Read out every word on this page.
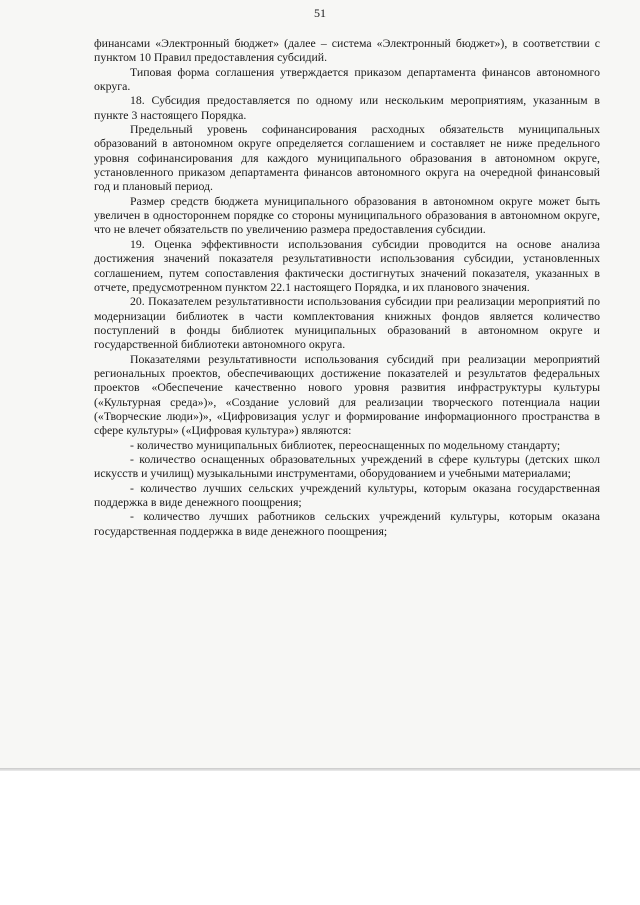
51

финансами «Электронный бюджет» (далее – система «Электронный бюджет»), в соответствии с пунктом 10 Правил предоставления субсидий.

Типовая форма соглашения утверждается приказом департамента финансов автономного округа.

18. Субсидия предоставляется по одному или нескольким мероприятиям, указанным в пункте 3 настоящего Порядка.

Предельный уровень софинансирования расходных обязательств муниципальных образований в автономном округе определяется соглашением и составляет не ниже предельного уровня софинансирования для каждого муниципального образования в автономном округе, установленного приказом департамента финансов автономного округа на очередной финансовый год и плановый период.

Размер средств бюджета муниципального образования в автономном округе может быть увеличен в одностороннем порядке со стороны муниципального образования в автономном округе, что не влечет обязательств по увеличению размера предоставления субсидии.

19. Оценка эффективности использования субсидии проводится на основе анализа достижения значений показателя результативности использования субсидии, установленных соглашением, путем сопоставления фактически достигнутых значений показателя, указанных в отчете, предусмотренном пунктом 22.1 настоящего Порядка, и их планового значения.

20. Показателем результативности использования субсидии при реализации мероприятий по модернизации библиотек в части комплектования книжных фондов является количество поступлений в фонды библиотек муниципальных образований в автономном округе и государственной библиотеки автономного округа.

Показателями результативности использования субсидий при реализации мероприятий региональных проектов, обеспечивающих достижение показателей и результатов федеральных проектов «Обеспечение качественно нового уровня развития инфраструктуры культуры («Культурная среда»)», «Создание условий для реализации творческого потенциала нации («Творческие люди»)», «Цифровизация услуг и формирование информационного пространства в сфере культуры» («Цифровая культура») являются:

- количество муниципальных библиотек, переоснащенных по модельному стандарту;

- количество оснащенных образовательных учреждений в сфере культуры (детских школ искусств и училищ) музыкальными инструментами, оборудованием и учебными материалами;

- количество лучших сельских учреждений культуры, которым оказана государственная поддержка в виде денежного поощрения;

- количество лучших работников сельских учреждений культуры, которым оказана государственная поддержка в виде денежного поощрения;
